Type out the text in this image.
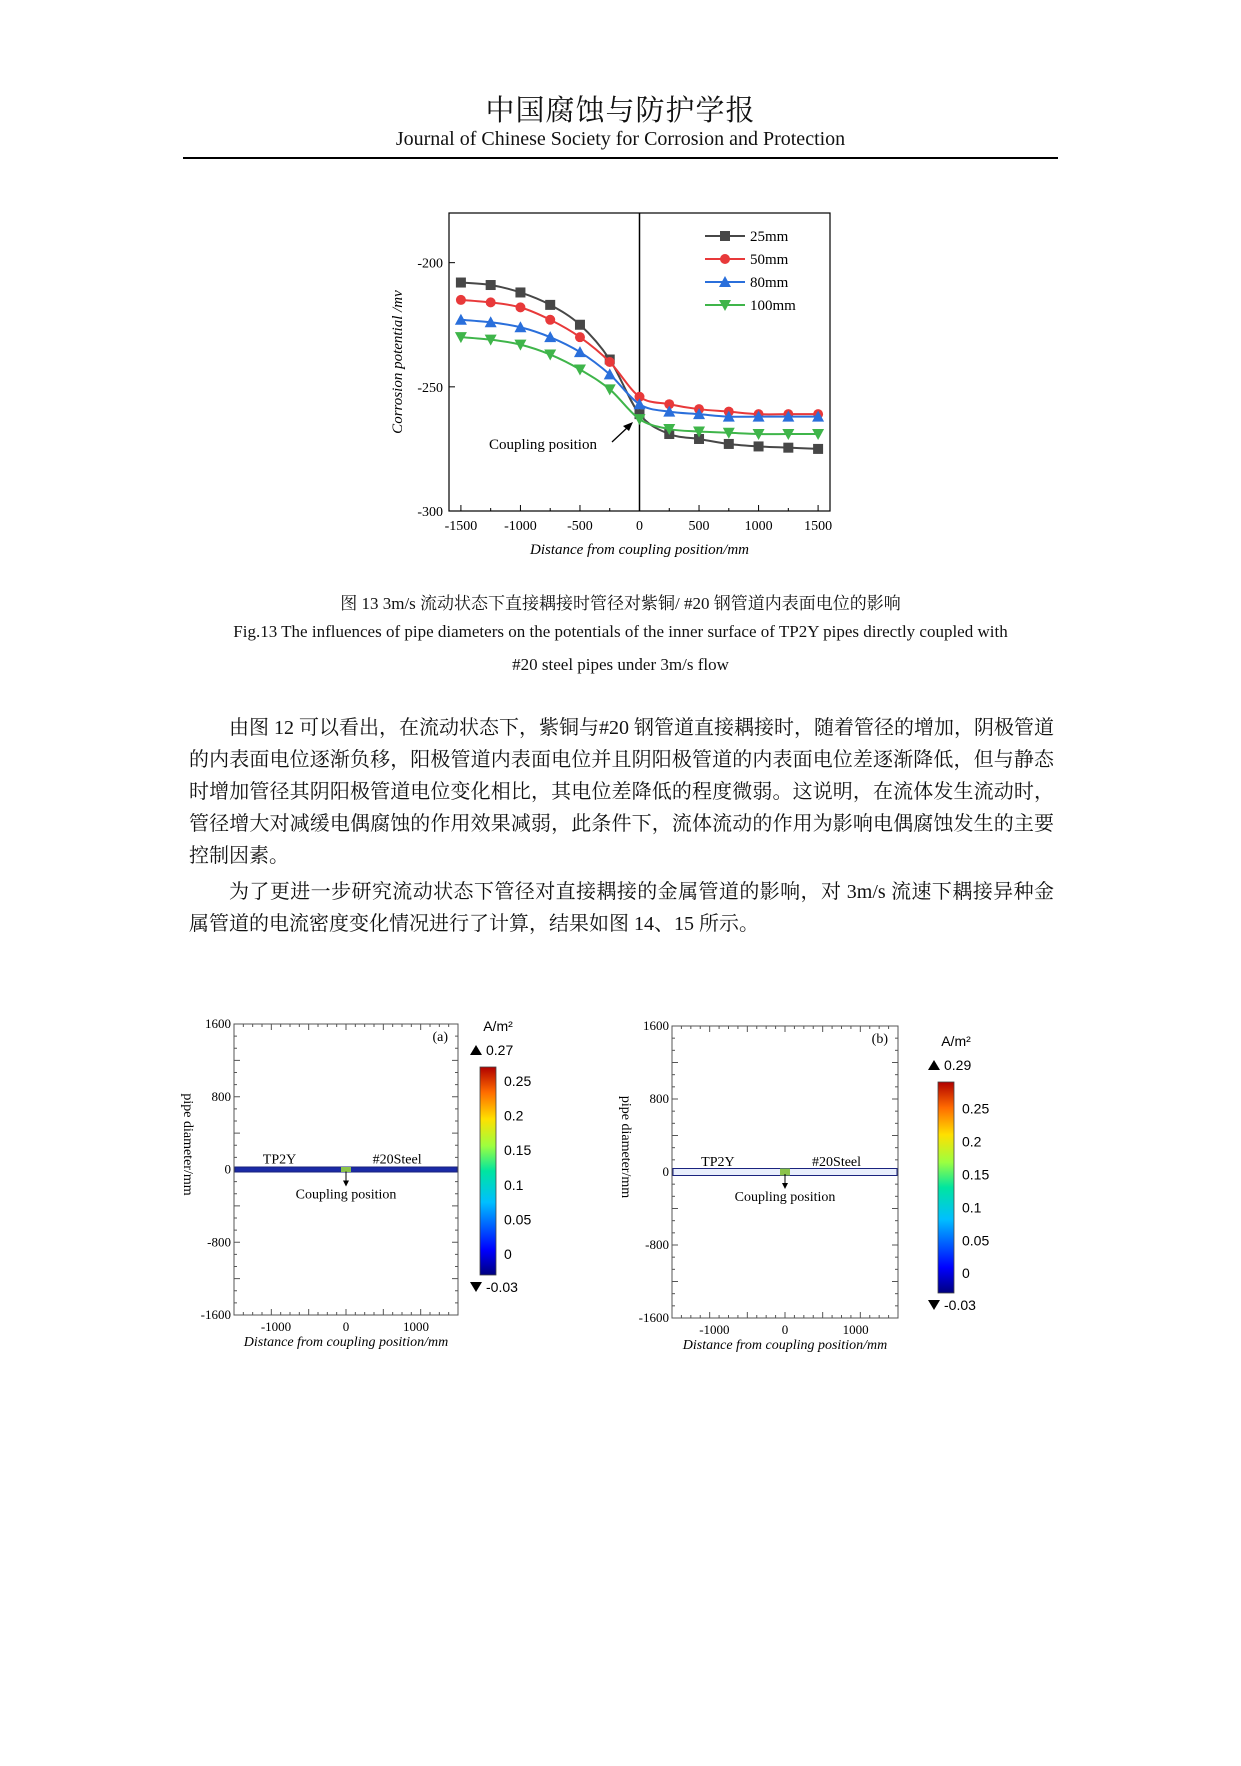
中国腐蚀与防护学报
Journal of Chinese Society for Corrosion and Protection
-1500 -1000 -500	0	500	1000 1500
-200
-250
-300
Distance from coupling position/mm
Corrosion potential /mv
25mm
50mm
80mm
100mm
Coupling position
图 13 3m/s 流动状态下直接耦接时管径对紫铜/ #20 钢管道内表面电位的影响
Fig.13 The influences of pipe diameters on the potentials of the inner surface of TP2Y pipes directly coupled with
#20 steel pipes under 3m/s flow

由图 12 可以看出，在流动状态下，紫铜与#20 钢管道直接耦接时，随着管径的增加，阴极管道的内表面电位逐渐负移，阳极管道内表面电位并且阴阳极管道的内表面电位差逐渐降低，但与静态时增加管径其阴阳极管道电位变化相比，其电位差降低的程度微弱。这说明，在流体发生流动时，管径增大对减缓电偶腐蚀的作用效果减弱，此条件下，流体流动的作用为影响电偶腐蚀发生的主要控制因素。

为了更进一步研究流动状态下管径对直接耦接的金属管道的影响，对 3m/s 流速下耦接异种金属管道的电流密度变化情况进行了计算，结果如图 14、15 所示。

-1000	0	1000
1600
800
0
-800
-1600
Distance from coupling position/mm
pipe diameter/mm
(a)
TP2Y	#20Steel
Coupling position
A/m²
0.27
-0.03
0.25
0.2
0.15
0.1
0.05
0
-1000	0	1000
1600
800
0
-800
-1600
Distance from coupling position/mm
pipe diameter/mm
(b)
TP2Y	#20Steel
Coupling position
A/m²
0.29
-0.03
0.25
0.2
0.15
0.1
0.05
0
